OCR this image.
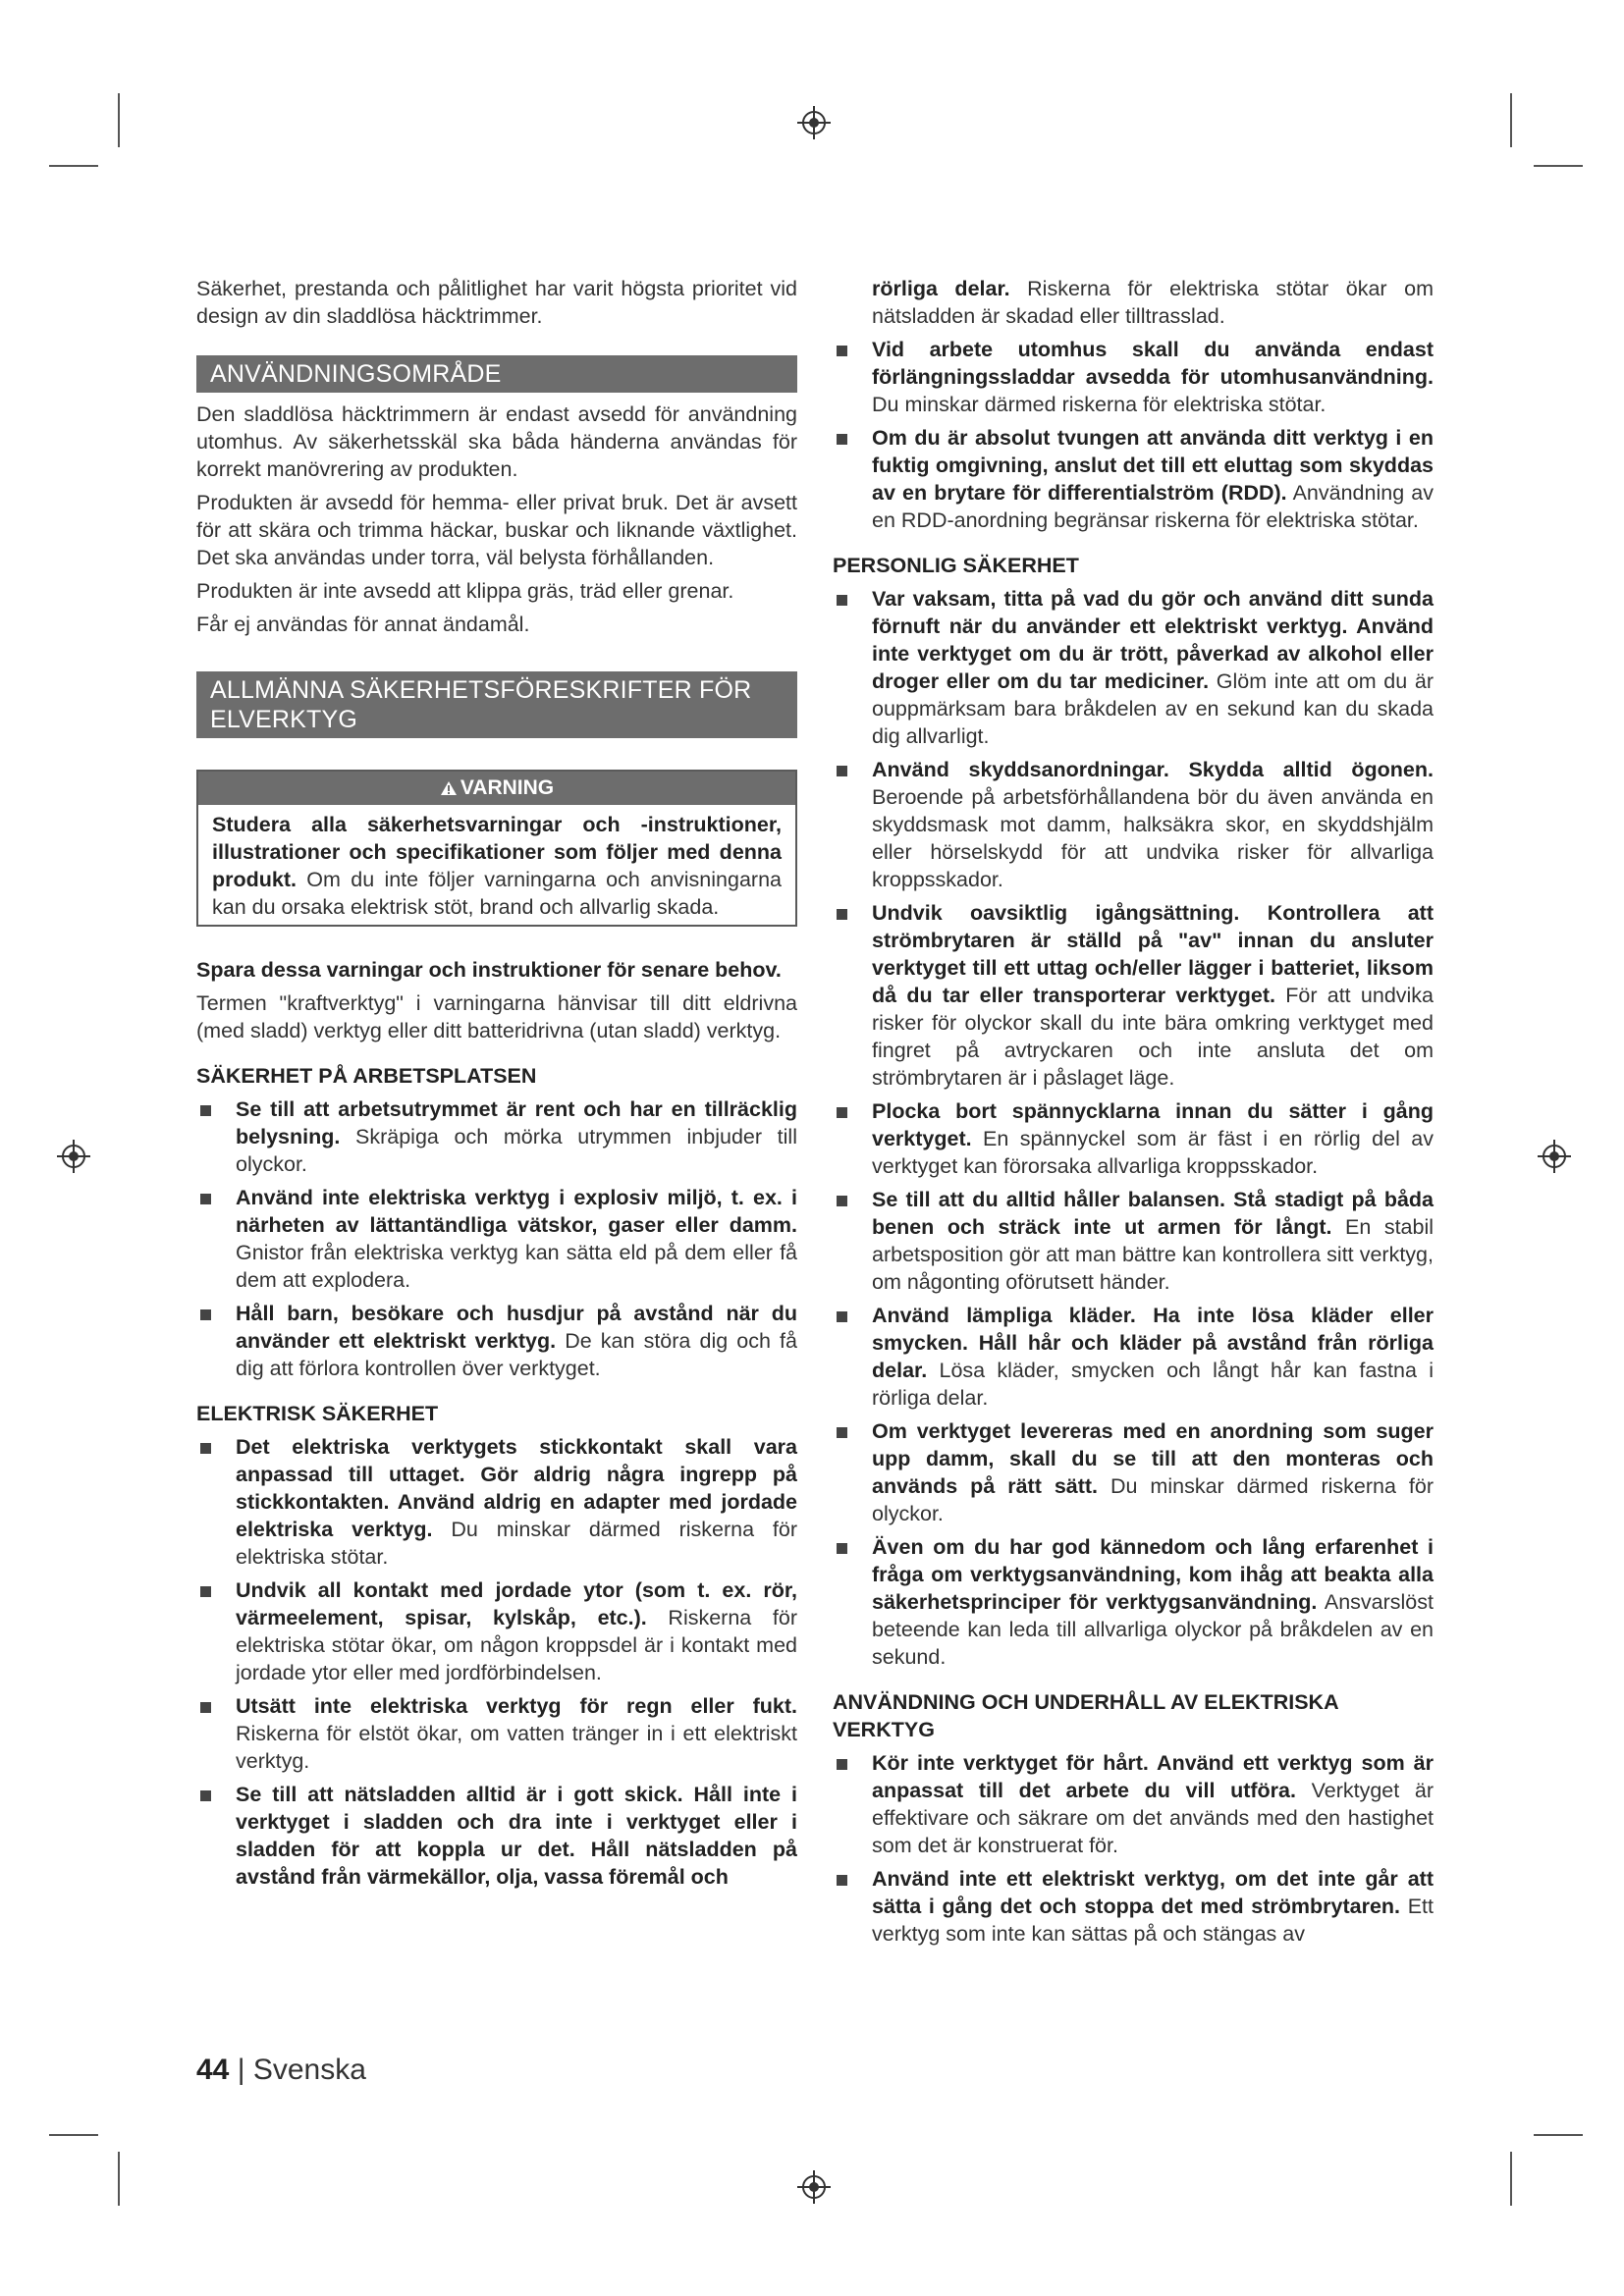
Säkerhet, prestanda och pålitlighet har varit högsta prioritet vid design av din sladdlösa häcktrimmer.

ANVÄNDNINGSOMRÅDE

Den sladdlösa häcktrimmern är endast avsedd för användning utomhus. Av säkerhetsskäl ska båda händerna användas för korrekt manövrering av produkten.

Produkten är avsedd för hemma- eller privat bruk. Det är avsett för att skära och trimma häckar, buskar och liknande växtlighet. Det ska användas under torra, väl belysta förhållanden.

Produkten är inte avsedd att klippa gräs, träd eller grenar.

Får ej användas för annat ändamål.

ALLMÄNNA SÄKERHETSFÖRESKRIFTER FÖR ELVERKTYG
VARNING

Studera alla säkerhetsvarningar och -instruktioner, illustrationer och specifikationer som följer med denna produkt. Om du inte följer varningarna och anvisningarna kan du orsaka elektrisk stöt, brand och allvarlig skada.

Spara dessa varningar och instruktioner för senare behov.

Termen "kraftverktyg" i varningarna hänvisar till ditt eldrivna (med sladd) verktyg eller ditt batteridrivna (utan sladd) verktyg.

SÄKERHET PÅ ARBETSPLATSEN
Se till att arbetsutrymmet är rent och har en tillräcklig belysning. Skräpiga och mörka utrymmen inbjuder till olyckor.
Använd inte elektriska verktyg i explosiv miljö, t. ex. i närheten av lättantändliga vätskor, gaser eller damm. Gnistor från elektriska verktyg kan sätta eld på dem eller få dem att explodera.
Håll barn, besökare och husdjur på avstånd när du använder ett elektriskt verktyg. De kan störa dig och få dig att förlora kontrollen över verktyget.
ELEKTRISK SÄKERHET
Det elektriska verktygets stickkontakt skall vara anpassad till uttaget. Gör aldrig några ingrepp på stickkontakten. Använd aldrig en adapter med jordade elektriska verktyg. Du minskar därmed riskerna för elektriska stötar.
Undvik all kontakt med jordade ytor (som t. ex. rör, värmeelement, spisar, kylskåp, etc.). Riskerna för elektriska stötar ökar, om någon kroppsdel är i kontakt med jordade ytor eller med jordförbindelsen.
Utsätt inte elektriska verktyg för regn eller fukt. Riskerna för elstöt ökar, om vatten tränger in i ett elektriskt verktyg.
Se till att nätsladden alltid är i gott skick. Håll inte i verktyget i sladden och dra inte i verktyget eller i sladden för att koppla ur det. Håll nätsladden på avstånd från värmekällor, olja, vassa föremål och

rörliga delar. Riskerna för elektriska stötar ökar om nätsladden är skadad eller tilltrasslad.

Vid arbete utomhus skall du använda endast förlängningssladdar avsedda för utomhusanvändning. Du minskar därmed riskerna för elektriska stötar.
Om du är absolut tvungen att använda ditt verktyg i en fuktig omgivning, anslut det till ett eluttag som skyddas av en brytare för differentialström (RDD). Användning av en RDD-anordning begränsar riskerna för elektriska stötar.
PERSONLIG SÄKERHET
Var vaksam, titta på vad du gör och använd ditt sunda förnuft när du använder ett elektriskt verktyg. Använd inte verktyget om du är trött, påverkad av alkohol eller droger eller om du tar mediciner. Glöm inte att om du är ouppmärksam bara bråkdelen av en sekund kan du skada dig allvarligt.
Använd skyddsanordningar. Skydda alltid ögonen. Beroende på arbetsförhållandena bör du även använda en skyddsmask mot damm, halksäkra skor, en skyddshjälm eller hörselskydd för att undvika risker för allvarliga kroppsskador.
Undvik oavsiktlig igångsättning. Kontrollera att strömbrytaren är ställd på "av" innan du ansluter verktyget till ett uttag och/eller lägger i batteriet, liksom då du tar eller transporterar verktyget. För att undvika risker för olyckor skall du inte bära omkring verktyget med fingret på avtryckaren och inte ansluta det om strömbrytaren är i påslaget läge.
Plocka bort spännycklarna innan du sätter i gång verktyget. En spännyckel som är fäst i en rörlig del av verktyget kan förorsaka allvarliga kroppsskador.
Se till att du alltid håller balansen. Stå stadigt på båda benen och sträck inte ut armen för långt. En stabil arbetsposition gör att man bättre kan kontrollera sitt verktyg, om någonting oförutsett händer.
Använd lämpliga kläder. Ha inte lösa kläder eller smycken. Håll hår och kläder på avstånd från rörliga delar. Lösa kläder, smycken och långt hår kan fastna i rörliga delar.
Om verktyget levereras med en anordning som suger upp damm, skall du se till att den monteras och används på rätt sätt. Du minskar därmed riskerna för olyckor.
Även om du har god kännedom och lång erfarenhet i fråga om verktygsanvändning, kom ihåg att beakta alla säkerhetsprinciper för verktygsanvändning. Ansvarslöst beteende kan leda till allvarliga olyckor på bråkdelen av en sekund.
ANVÄNDNING OCH UNDERHÅLL AV ELEKTRISKA VERKTYG
Kör inte verktyget för hårt. Använd ett verktyg som är anpassat till det arbete du vill utföra. Verktyget är effektivare och säkrare om det används med den hastighet som det är konstruerat för.
Använd inte ett elektriskt verktyg, om det inte går att sätta i gång det och stoppa det med strömbrytaren. Ett verktyg som inte kan sättas på och stängas av
44 | Svenska
